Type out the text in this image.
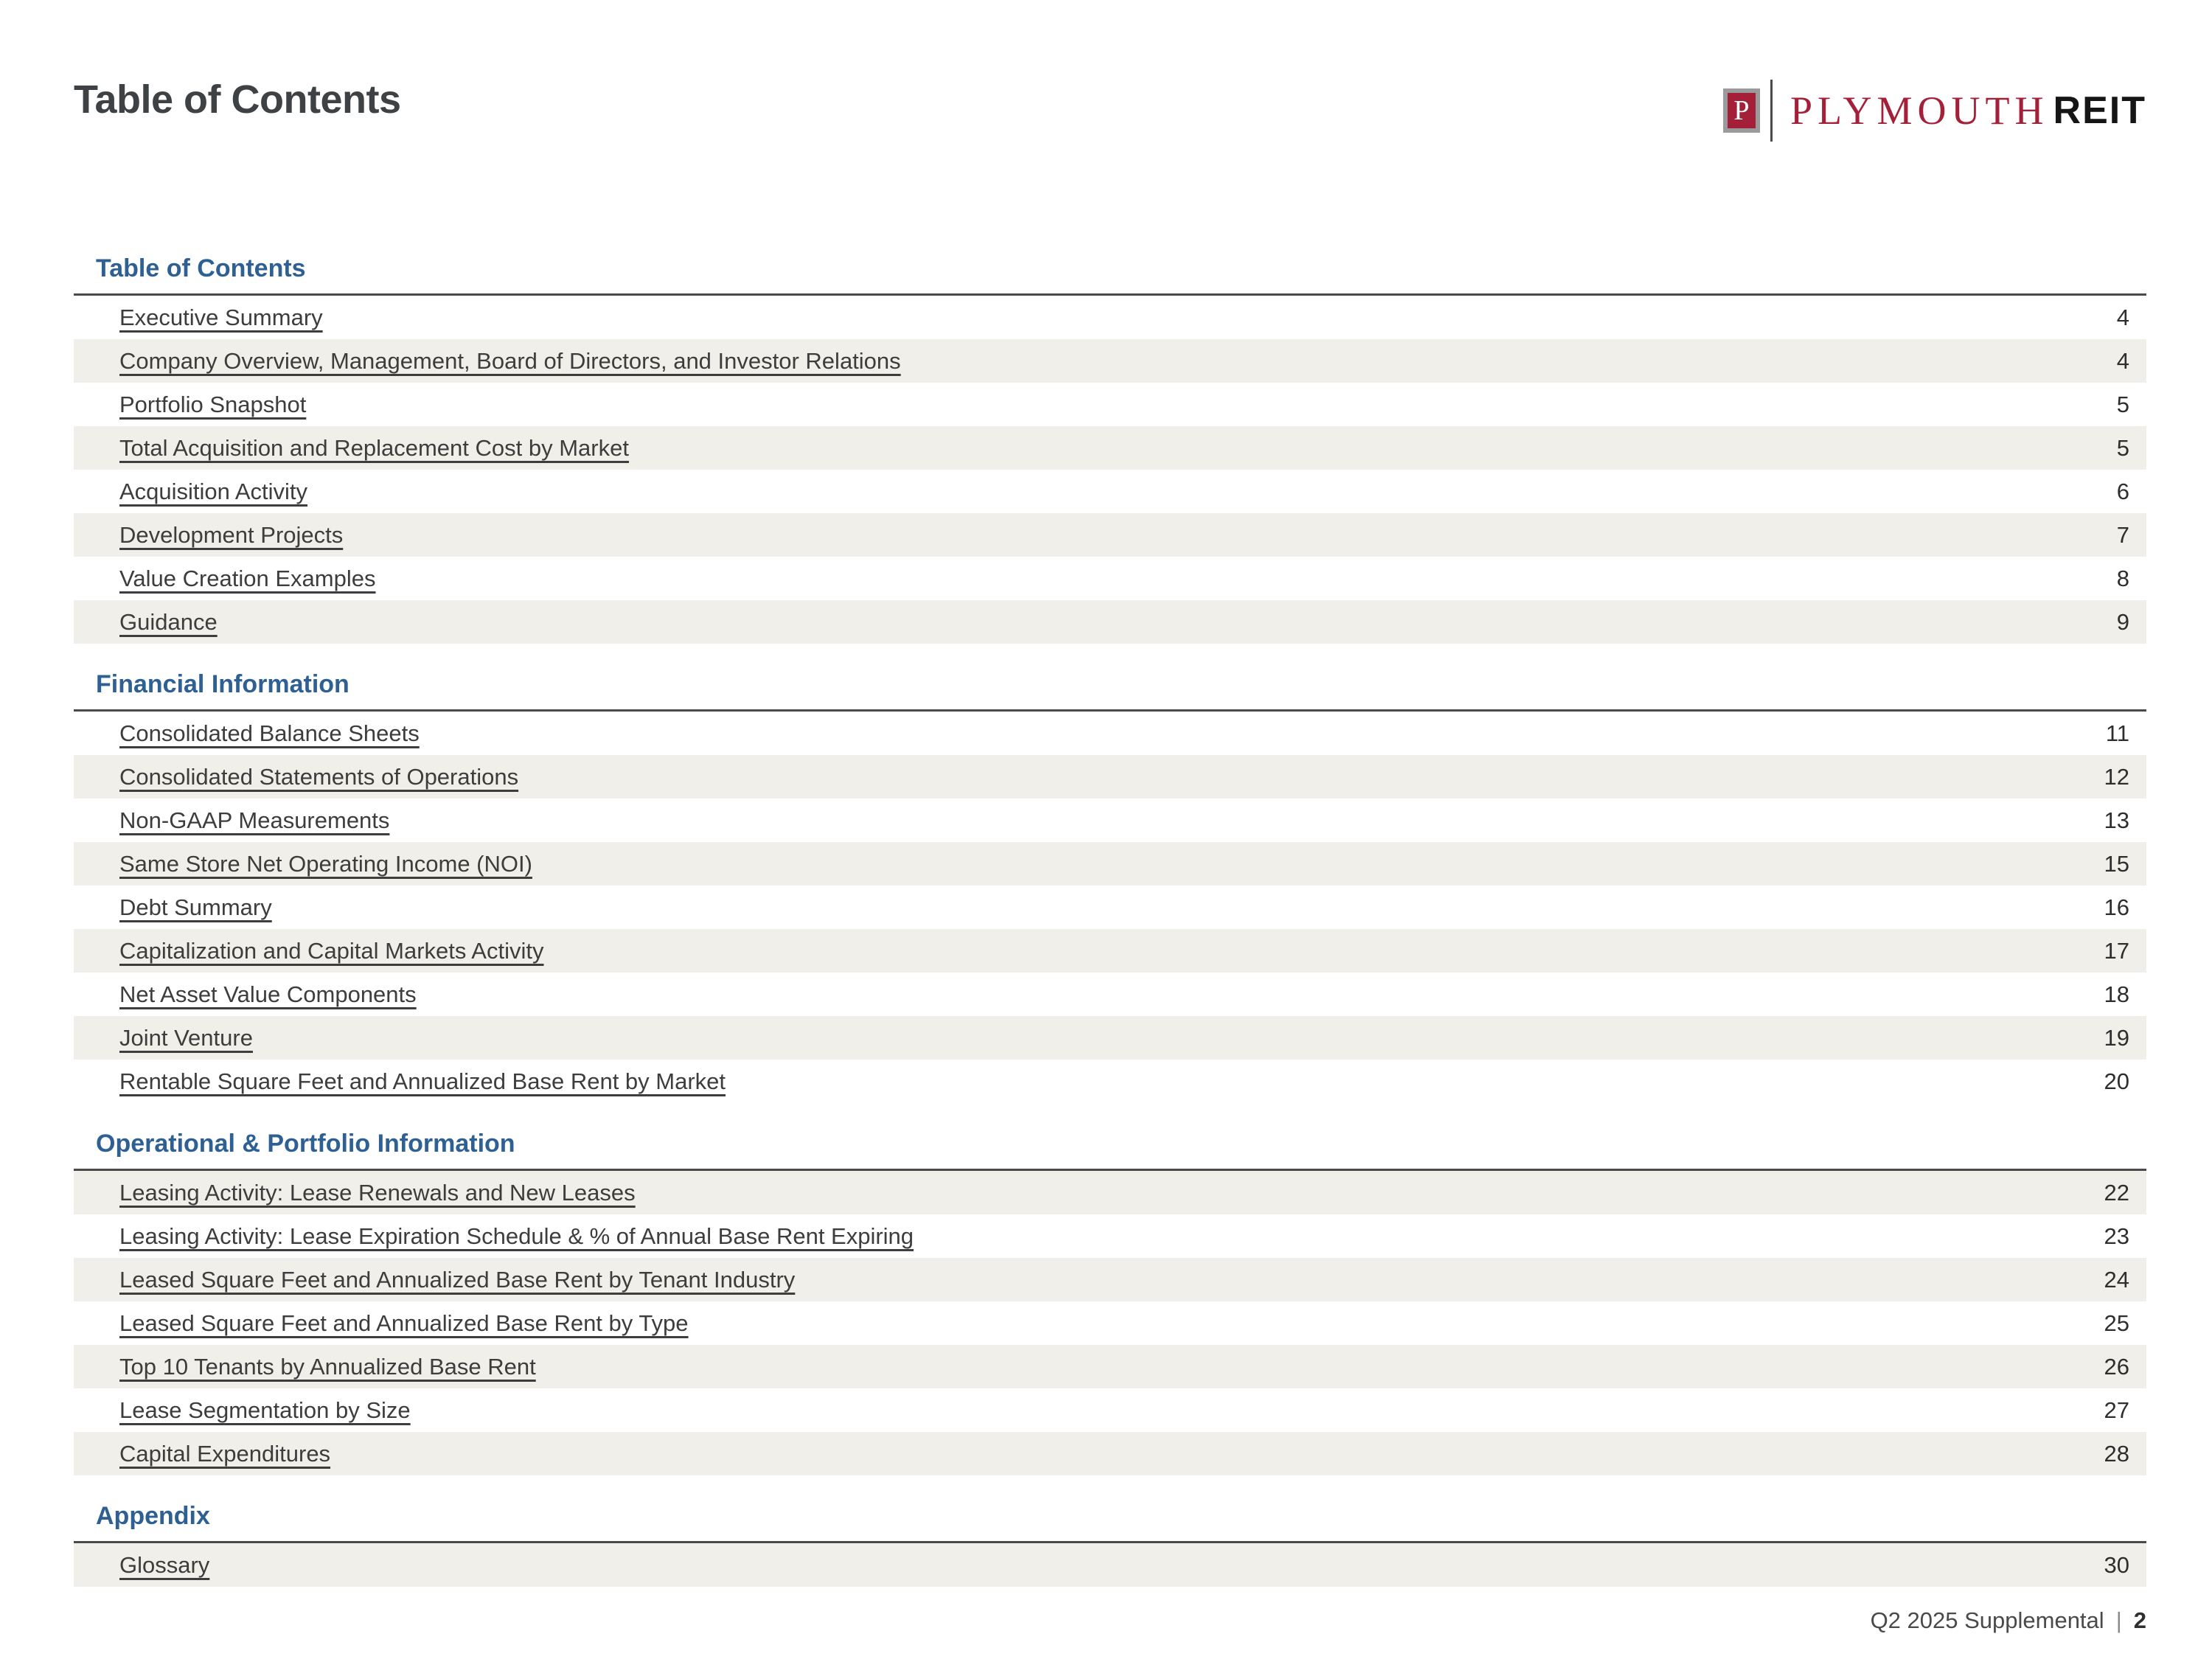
Table of Contents	P PLYMOUTH REIT
Table of Contents
Executive Summary	4
Company Overview, Management, Board of Directors, and Investor Relations	4
Portfolio Snapshot	5
Total Acquisition and Replacement Cost by Market	5
Acquisition Activity	6
Development Projects	7
Value Creation Examples	8
Guidance	9
Financial Information
Consolidated Balance Sheets	11
Consolidated Statements of Operations	12
Non-GAAP Measurements	13
Same Store Net Operating Income (NOI)	15
Debt Summary	16
Capitalization and Capital Markets Activity	17
Net Asset Value Components	18
Joint Venture	19
Rentable Square Feet and Annualized Base Rent by Market	20
Operational & Portfolio Information
Leasing Activity: Lease Renewals and New Leases	22
Leasing Activity: Lease Expiration Schedule & % of Annual Base Rent Expiring	23
Leased Square Feet and Annualized Base Rent by Tenant Industry	24
Leased Square Feet and Annualized Base Rent by Type	25
Top 10 Tenants by Annualized Base Rent	26
Lease Segmentation by Size	27
Capital Expenditures	28
Appendix
Glossary	30
Q2 2025 Supplemental | 2
